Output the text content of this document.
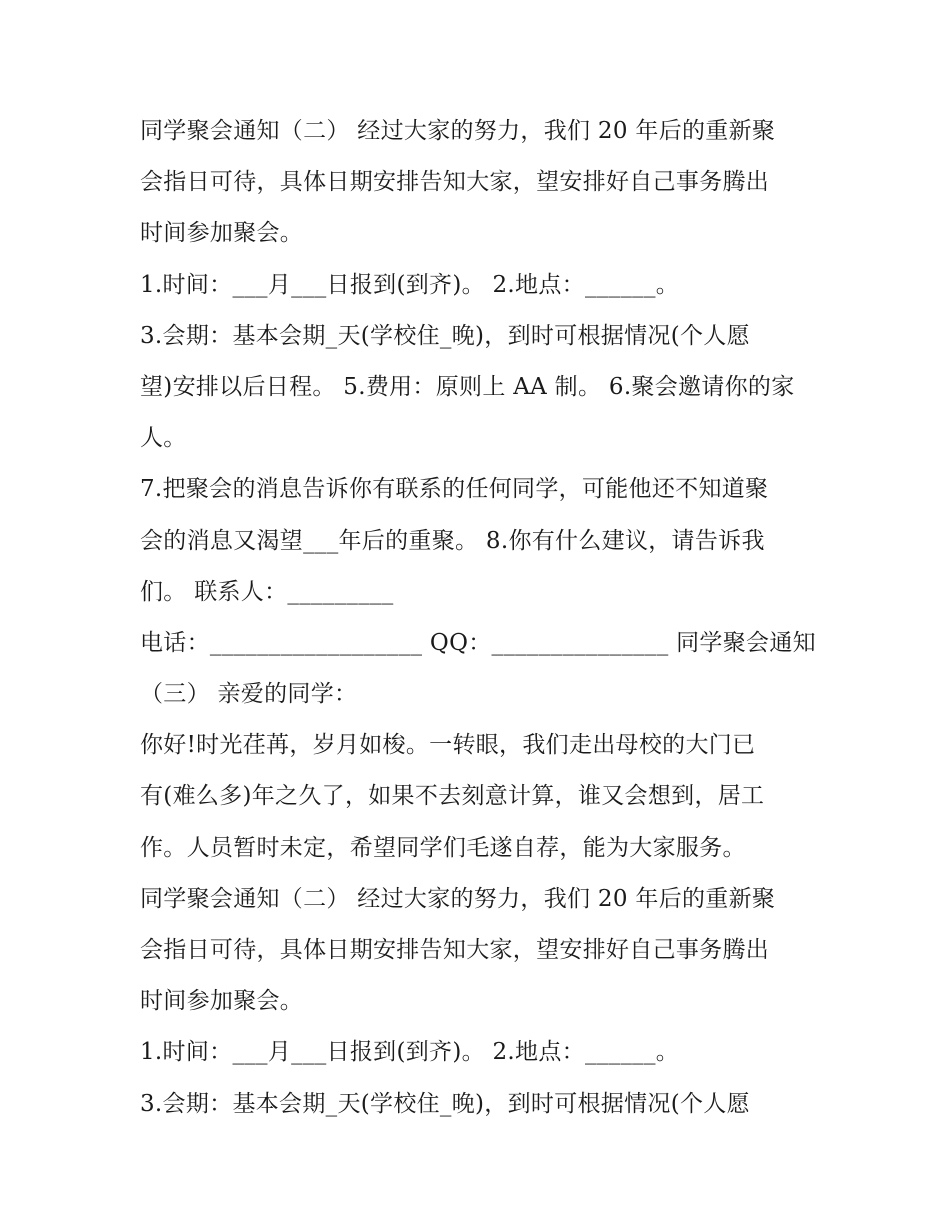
同学聚会通知（二） 经过大家的努力，我们 20 年后的重新聚
会指日可待，具体日期安排告知大家，望安排好自己事务腾出
时间参加聚会。
1.时间：___月___日报到(到齐)。 2.地点：______。
3.会期：基本会期_天(学校住_晚)，到时可根据情况(个人愿
望)安排以后日程。 5.费用：原则上 AA 制。 6.聚会邀请你的家
人。
7.把聚会的消息告诉你有联系的任何同学，可能他还不知道聚
会的消息又渴望___年后的重聚。 8.你有什么建议，请告诉我
们。 联系人：_________
电话：__________________ QQ：_______________ 同学聚会通知
（三） 亲爱的同学：
你好!时光荏苒，岁月如梭。一转眼，我们走出母校的大门已
有(难么多)年之久了，如果不去刻意计算，谁又会想到，居工
作。人员暂时未定，希望同学们毛遂自荐，能为大家服务。
同学聚会通知（二） 经过大家的努力，我们 20 年后的重新聚
会指日可待，具体日期安排告知大家，望安排好自己事务腾出
时间参加聚会。
1.时间：___月___日报到(到齐)。 2.地点：______。
3.会期：基本会期_天(学校住_晚)，到时可根据情况(个人愿
